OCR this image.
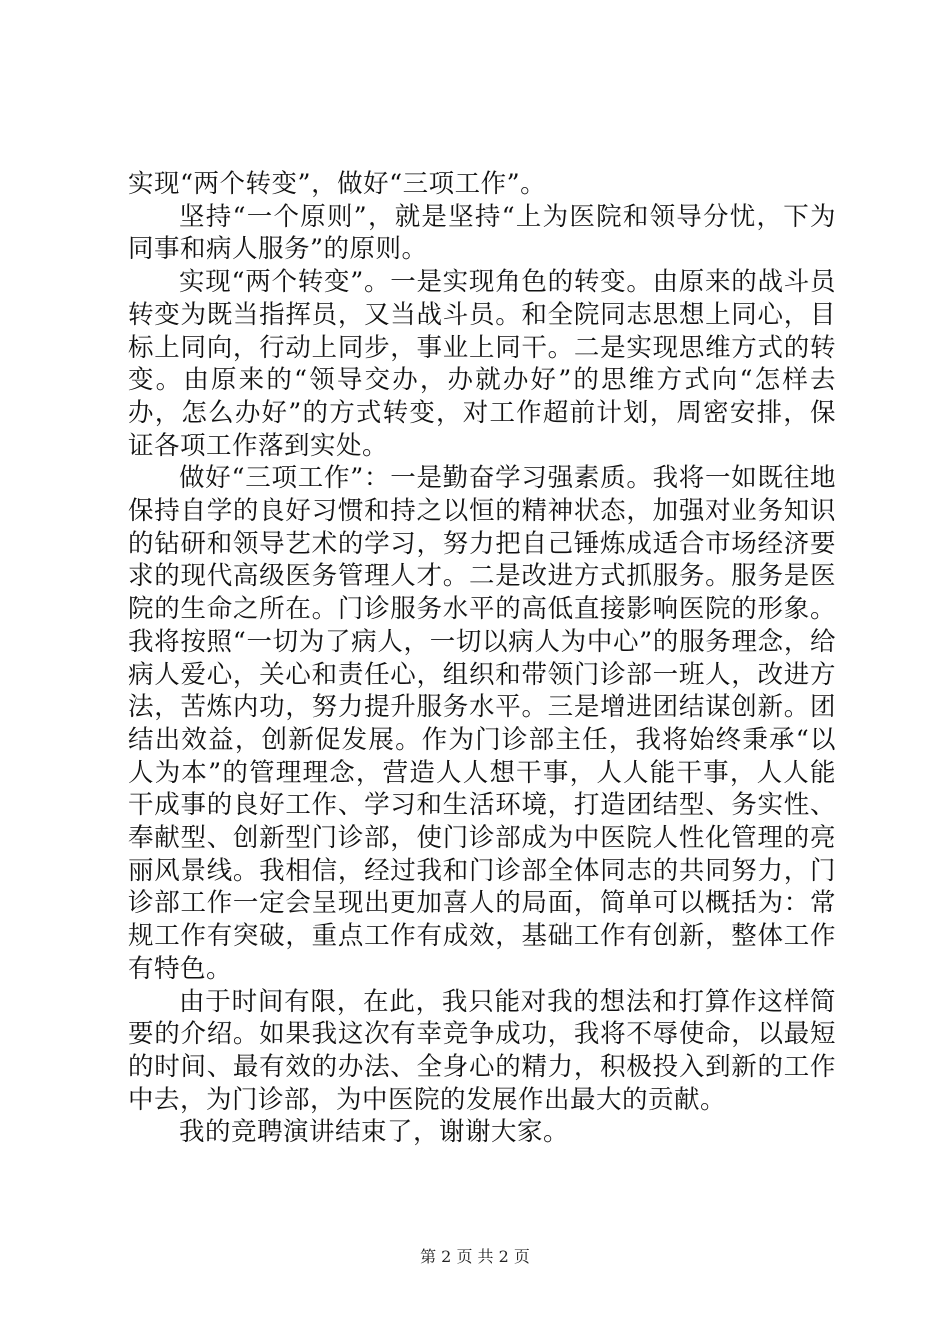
实现“两个转变”，做好“三项工作”。

坚持“一个原则”，就是坚持“上为医院和领导分忧，下为同事和病人服务”的原则。

实现“两个转变”。一是实现角色的转变。由原来的战斗员转变为既当指挥员，又当战斗员。和全院同志思想上同心，目标上同向，行动上同步，事业上同干。二是实现思维方式的转变。由原来的“领导交办，办就办好”的思维方式向“怎样去办，怎么办好”的方式转变，对工作超前计划，周密安排，保证各项工作落到实处。

做好“三项工作”：一是勤奋学习强素质。我将一如既往地保持自学的良好习惯和持之以恒的精神状态，加强对业务知识的钻研和领导艺术的学习，努力把自己锤炼成适合市场经济要求的现代高级医务管理人才。二是改进方式抓服务。服务是医院的生命之所在。门诊服务水平的高低直接影响医院的形象。我将按照“一切为了病人，一切以病人为中心”的服务理念，给病人爱心，关心和责任心，组织和带领门诊部一班人，改进方法，苦炼内功，努力提升服务水平。三是增进团结谋创新。团结出效益，创新促发展。作为门诊部主任，我将始终秉承“以人为本”的管理理念，营造人人想干事，人人能干事，人人能干成事的良好工作、学习和生活环境，打造团结型、务实性、奉献型、创新型门诊部，使门诊部成为中医院人性化管理的亮丽风景线。我相信，经过我和门诊部全体同志的共同努力，门诊部工作一定会呈现出更加喜人的局面，简单可以概括为：常规工作有突破，重点工作有成效，基础工作有创新，整体工作有特色。

由于时间有限，在此，我只能对我的想法和打算作这样简要的介绍。如果我这次有幸竞争成功，我将不辱使命，以最短的时间、最有效的办法、全身心的精力，积极投入到新的工作中去，为门诊部，为中医院的发展作出最大的贡献。

我的竞聘演讲结束了，谢谢大家。

第 2 页 共 2 页
